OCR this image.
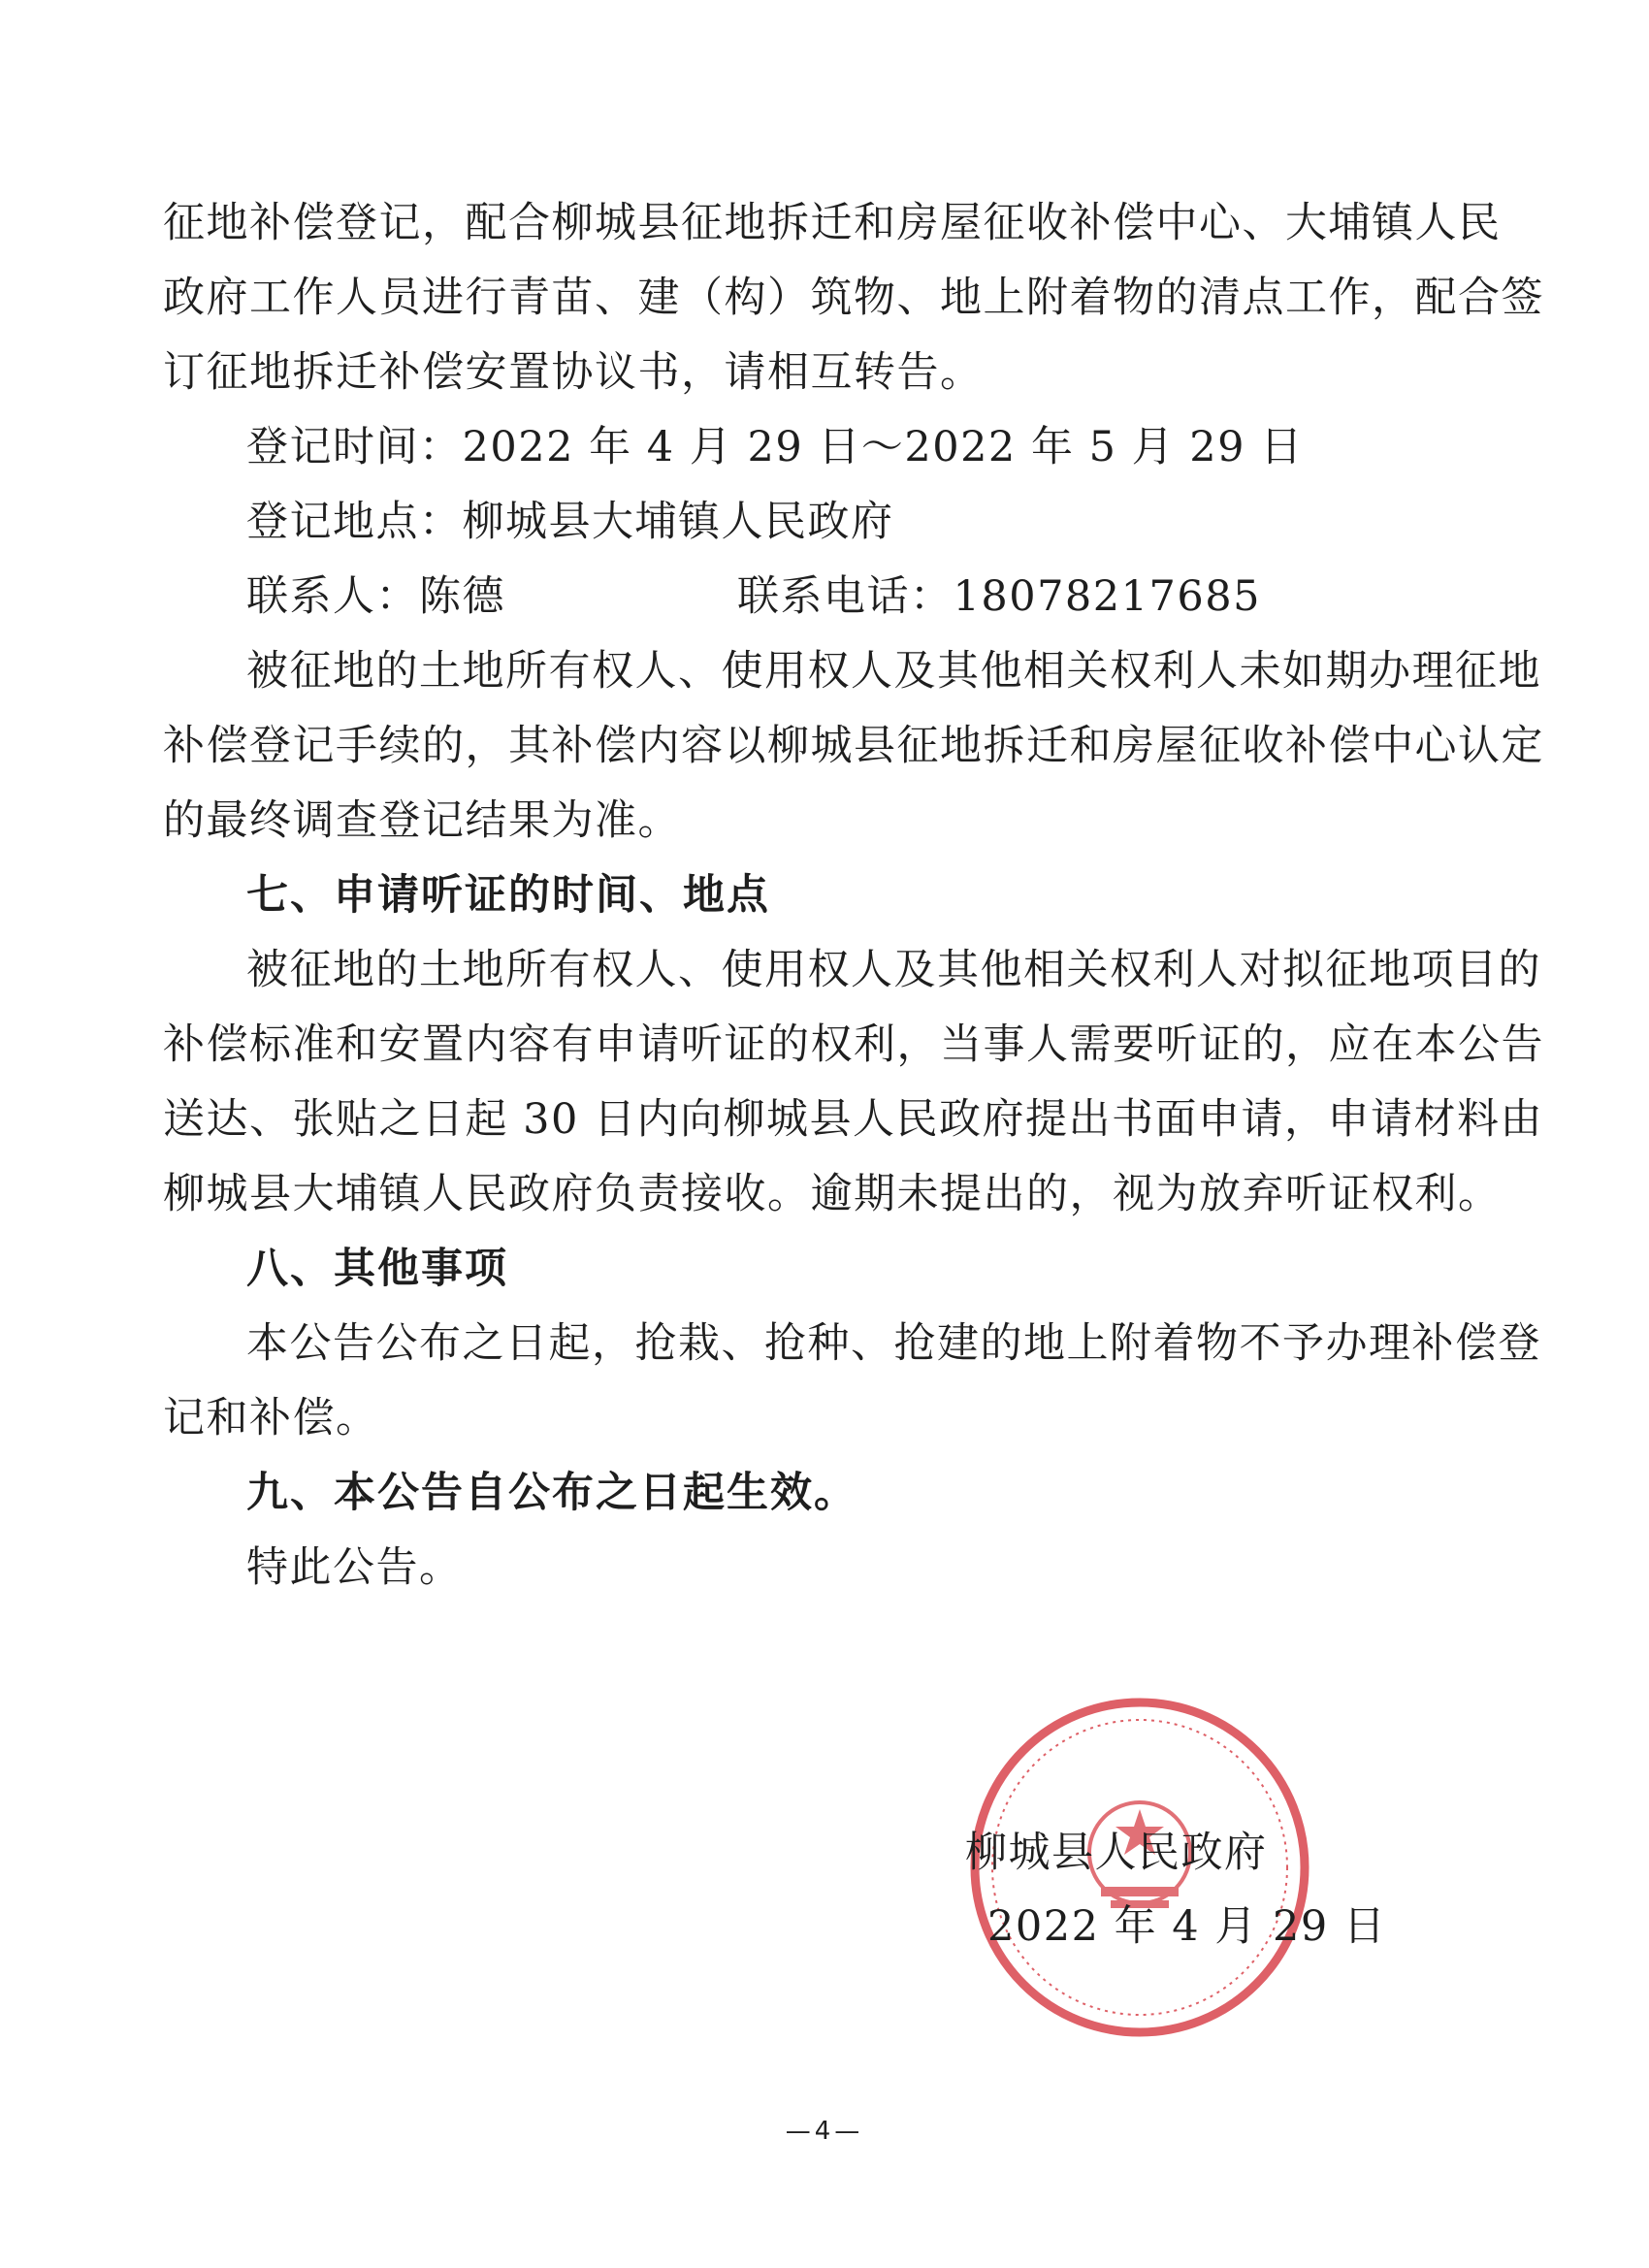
征地补偿登记，配合柳城县征地拆迁和房屋征收补偿中心、大埔镇人民
政府工作人员进行青苗、建（构）筑物、地上附着物的清点工作，配合签
订征地拆迁补偿安置协议书，请相互转告。
登记时间：2022 年 4 月 29 日～2022 年 5 月 29 日
登记地点：柳城县大埔镇人民政府
联系人：陈德	联系电话：18078217685
被征地的土地所有权人、使用权人及其他相关权利人未如期办理征地
补偿登记手续的，其补偿内容以柳城县征地拆迁和房屋征收补偿中心认定
的最终调查登记结果为准。
七、申请听证的时间、地点
被征地的土地所有权人、使用权人及其他相关权利人对拟征地项目的
补偿标准和安置内容有申请听证的权利，当事人需要听证的，应在本公告
送达、张贴之日起 30 日内向柳城县人民政府提出书面申请，申请材料由
柳城县大埔镇人民政府负责接收。逾期未提出的，视为放弃听证权利。
八、其他事项
本公告公布之日起，抢栽、抢种、抢建的地上附着物不予办理补偿登
记和补偿。
九、本公告自公布之日起生效。
特此公告。
柳城县人民政府
2022 年 4 月 29 日
—4—
